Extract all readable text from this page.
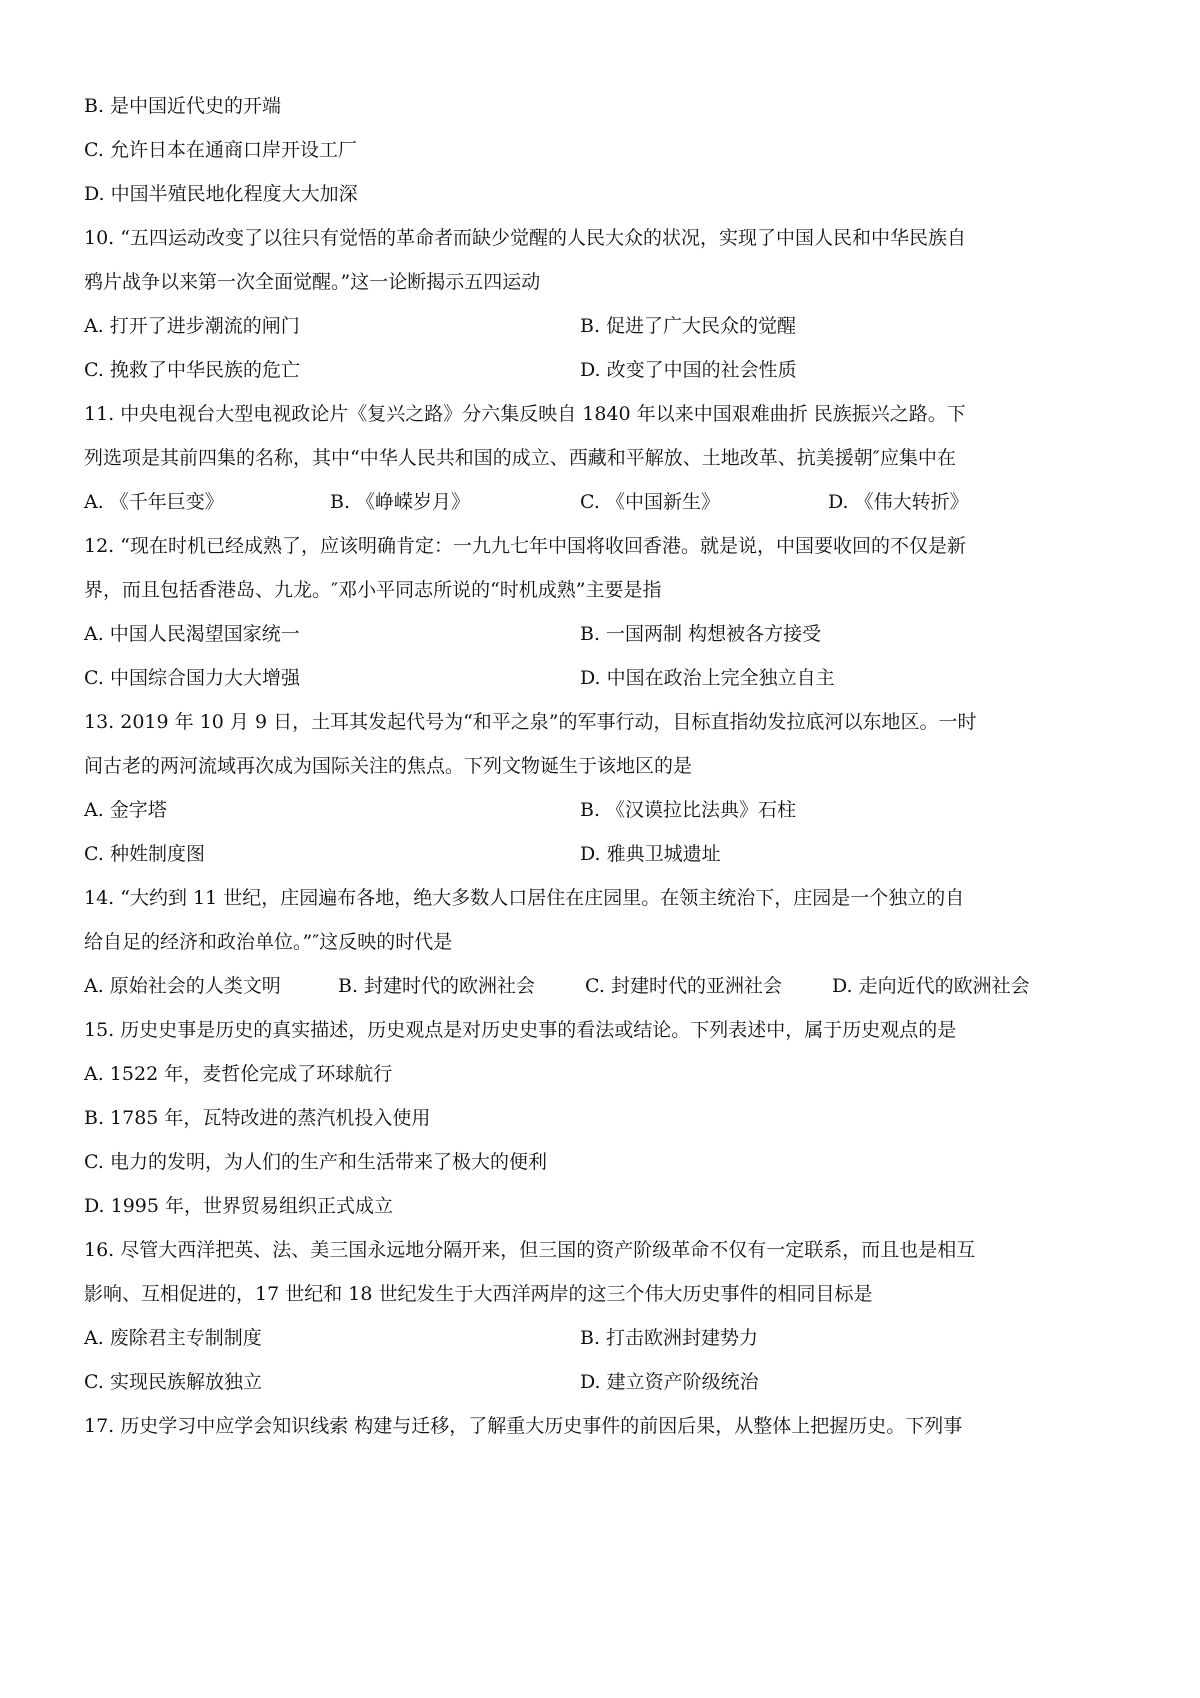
B. 是中国近代史的开端
C. 允许日本在通商口岸开设工厂
D. 中国半殖民地化程度大大加深
10. “五四运动改变了以往只有觉悟的革命者而缺少觉醒的人民大众的状况，实现了中国人民和中华民族自
鸦片战争以来第一次全面觉醒。”这一论断揭示五四运动
A. 打开了进步潮流的闸门	B. 促进了广大民众的觉醒
C. 挽救了中华民族的危亡	D. 改变了中国的社会性质
11. 中央电视台大型电视政论片《复兴之路》分六集反映自 1840 年以来中国艰难曲折 民族振兴之路。下
列选项是其前四集的名称，其中“中华人民共和国的成立、西藏和平解放、土地改革、抗美援朝″应集中在
A. 《千年巨变》	B. 《峥嵘岁月》	C. 《中国新生》	D. 《伟大转折》
12. “现在时机已经成熟了，应该明确肯定：一九九七年中国将收回香港。就是说，中国要收回的不仅是新
界，而且包括香港岛、九龙。″邓小平同志所说的“时机成熟”主要是指
A. 中国人民渴望国家统一	B. 一国两制 构想被各方接受
C. 中国综合国力大大增强	D. 中国在政治上完全独立自主
13. 2019 年 10 月 9 日，土耳其发起代号为“和平之泉”的军事行动，目标直指幼发拉底河以东地区。一时
间古老的两河流域再次成为国际关注的焦点。下列文物诞生于该地区的是
A. 金字塔	B. 《汉谟拉比法典》石柱
C. 种姓制度图	D. 雅典卫城遗址
14. “大约到 11 世纪，庄园遍布各地，绝大多数人口居住在庄园里。在领主统治下，庄园是一个独立的自
给自足的经济和政治单位。”″这反映的时代是
A. 原始社会的人类文明	B. 封建时代的欧洲社会	C. 封建时代的亚洲社会	D. 走向近代的欧洲社会
15. 历史史事是历史的真实描述，历史观点是对历史史事的看法或结论。下列表述中，属于历史观点的是
A. 1522 年，麦哲伦完成了环球航行
B. 1785 年，瓦特改进的蒸汽机投入使用
C. 电力的发明，为人们的生产和生活带来了极大的便利
D. 1995 年，世界贸易组织正式成立
16. 尽管大西洋把英、法、美三国永远地分隔开来，但三国的资产阶级革命不仅有一定联系，而且也是相互
影响、互相促进的，17 世纪和 18 世纪发生于大西洋两岸的这三个伟大历史事件的相同目标是
A. 废除君主专制制度	B. 打击欧洲封建势力
C. 实现民族解放独立	D. 建立资产阶级统治
17. 历史学习中应学会知识线索 构建与迁移，了解重大历史事件的前因后果，从整体上把握历史。下列事
